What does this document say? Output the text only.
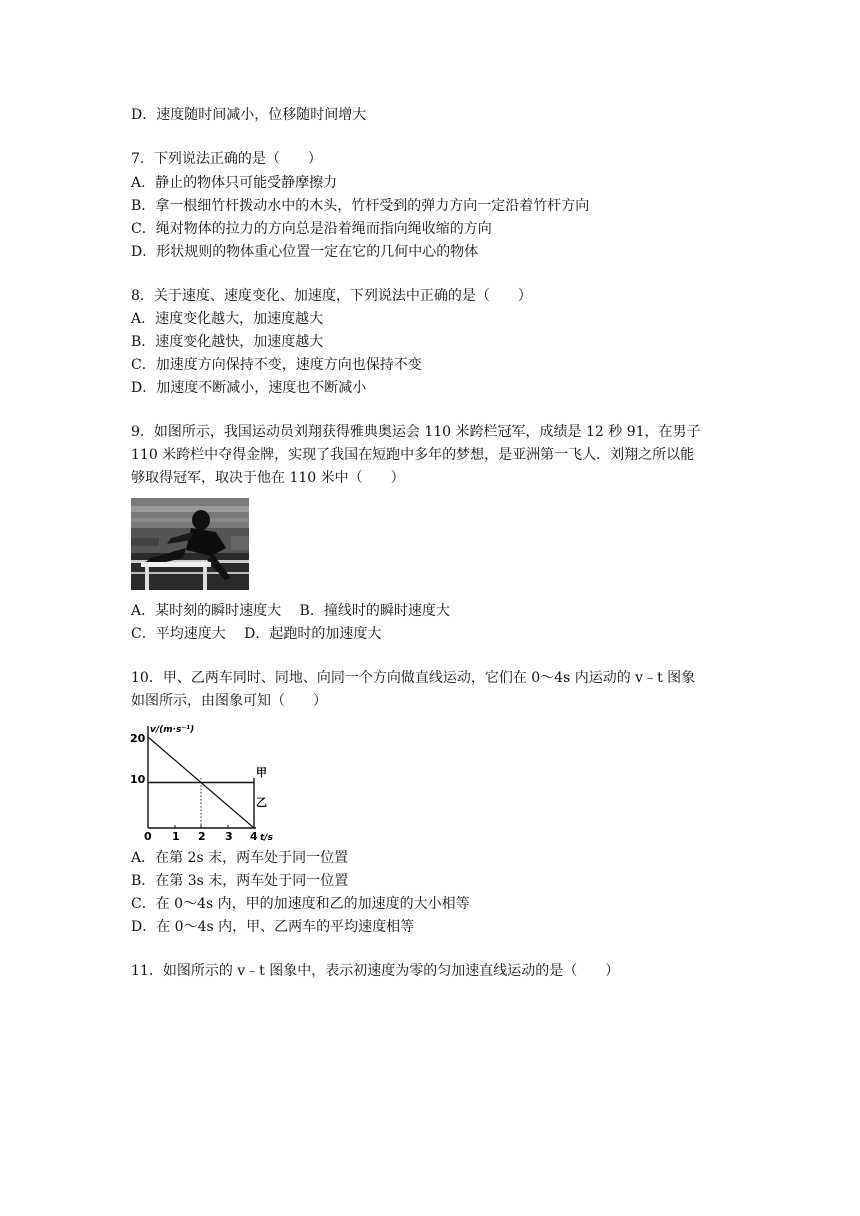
D．速度随时间减小，位移随时间增大
7．下列说法正确的是（　　）
A．静止的物体只可能受静摩擦力
B．拿一根细竹杆拨动水中的木头，竹杆受到的弹力方向一定沿着竹杆方向
C．绳对物体的拉力的方向总是沿着绳而指向绳收缩的方向
D．形状规则的物体重心位置一定在它的几何中心的物体
8．关于速度、速度变化、加速度，下列说法中正确的是（　　）
A．速度变化越大，加速度越大
B．速度变化越快，加速度越大
C．加速度方向保持不变，速度方向也保持不变
D．加速度不断减小，速度也不断减小
9．如图所示，我国运动员刘翔获得雅典奥运会 110 米跨栏冠军，成绩是 12 秒 91，在男子
110 米跨栏中夺得金牌，实现了我国在短跑中多年的梦想，是亚洲第一飞人．刘翔之所以能
够取得冠军，取决于他在 110 米中（　　）
A．某时刻的瞬时速度大　 B．撞线时的瞬时速度大
C．平均速度大　 D．起跑时的加速度大
10．甲、乙两车同时、同地、向同一个方向做直线运动，它们在 0～4s 内运动的 v﹣t 图象
如图所示，由图象可知（　　）
v/(m·s⁻¹)
20
10
0 1 2 3 4 t/s
甲
乙
A．在第 2s 末，两车处于同一位置
B．在第 3s 末，两车处于同一位置
C．在 0～4s 内，甲的加速度和乙的加速度的大小相等
D．在 0～4s 内，甲、乙两车的平均速度相等
11．如图所示的 v﹣t 图象中，表示初速度为零的匀加速直线运动的是（　　）
